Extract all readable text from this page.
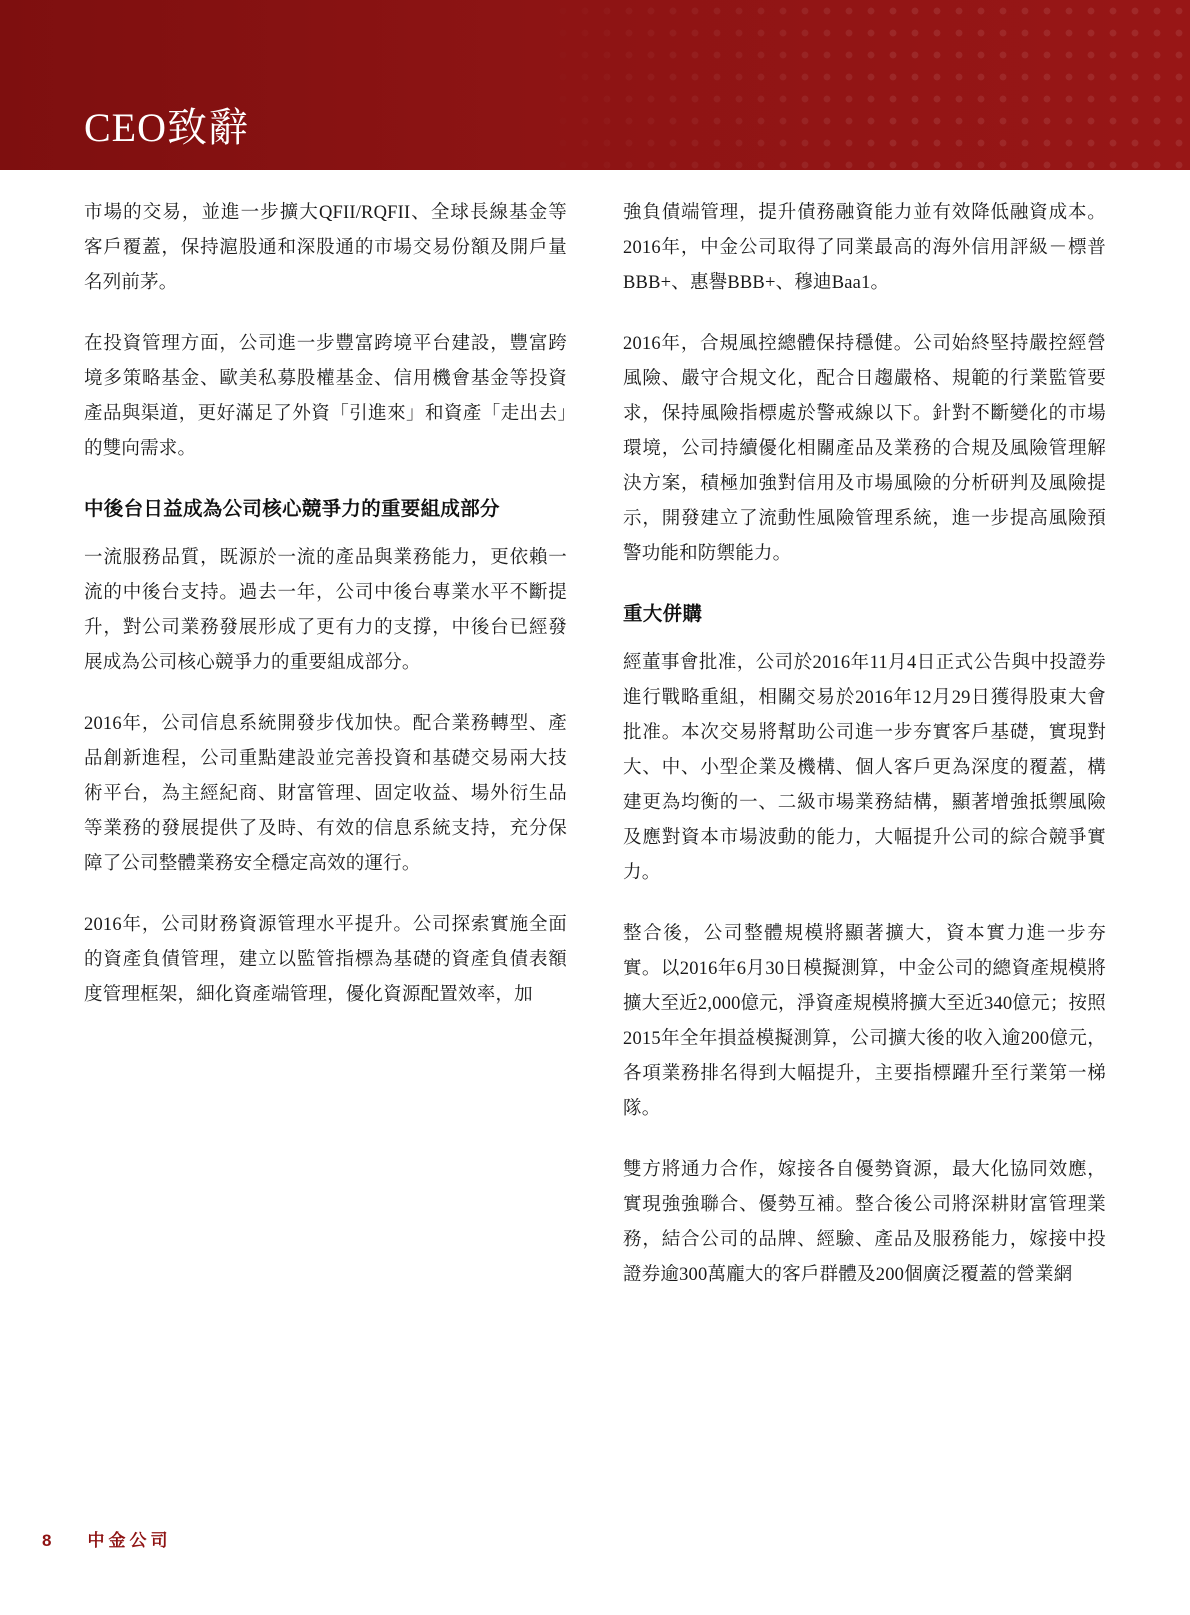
CEO致辭

市場的交易，並進一步擴大QFII/RQFII、全球長線基金等客戶覆蓋，保持滬股通和深股通的市場交易份額及開戶量名列前茅。

在投資管理方面，公司進一步豐富跨境平台建設，豐富跨境多策略基金、歐美私募股權基金、信用機會基金等投資產品與渠道，更好滿足了外資「引進來」和資產「走出去」的雙向需求。

中後台日益成為公司核心競爭力的重要組成部分

一流服務品質，既源於一流的產品與業務能力，更依賴一流的中後台支持。過去一年，公司中後台專業水平不斷提升，對公司業務發展形成了更有力的支撐，中後台已經發展成為公司核心競爭力的重要組成部分。

2016年，公司信息系統開發步伐加快。配合業務轉型、產品創新進程，公司重點建設並完善投資和基礎交易兩大技術平台，為主經紀商、財富管理、固定收益、場外衍生品等業務的發展提供了及時、有效的信息系統支持，充分保障了公司整體業務安全穩定高效的運行。

2016年，公司財務資源管理水平提升。公司探索實施全面的資產負債管理，建立以監管指標為基礎的資產負債表額度管理框架，細化資產端管理，優化資源配置效率，加

強負債端管理，提升債務融資能力並有效降低融資成本。2016年，中金公司取得了同業最高的海外信用評級－標普BBB+、惠譽BBB+、穆迪Baa1。

2016年，合規風控總體保持穩健。公司始終堅持嚴控經營風險、嚴守合規文化，配合日趨嚴格、規範的行業監管要求，保持風險指標處於警戒線以下。針對不斷變化的市場環境，公司持續優化相關產品及業務的合規及風險管理解決方案，積極加強對信用及市場風險的分析研判及風險提示，開發建立了流動性風險管理系統，進一步提高風險預警功能和防禦能力。

重大併購

經董事會批准，公司於2016年11月4日正式公告與中投證券進行戰略重組，相關交易於2016年12月29日獲得股東大會批准。本次交易將幫助公司進一步夯實客戶基礎，實現對大、中、小型企業及機構、個人客戶更為深度的覆蓋，構建更為均衡的一、二級市場業務結構，顯著增強抵禦風險及應對資本市場波動的能力，大幅提升公司的綜合競爭實力。

整合後，公司整體規模將顯著擴大，資本實力進一步夯實。以2016年6月30日模擬測算，中金公司的總資產規模將擴大至近2,000億元，淨資產規模將擴大至近340億元；按照2015年全年損益模擬測算，公司擴大後的收入逾200億元，各項業務排名得到大幅提升，主要指標躍升至行業第一梯隊。

雙方將通力合作，嫁接各自優勢資源，最大化協同效應，實現強強聯合、優勢互補。整合後公司將深耕財富管理業務，結合公司的品牌、經驗、產品及服務能力，嫁接中投證券逾300萬龐大的客戶群體及200個廣泛覆蓋的營業網

8 中金公司
